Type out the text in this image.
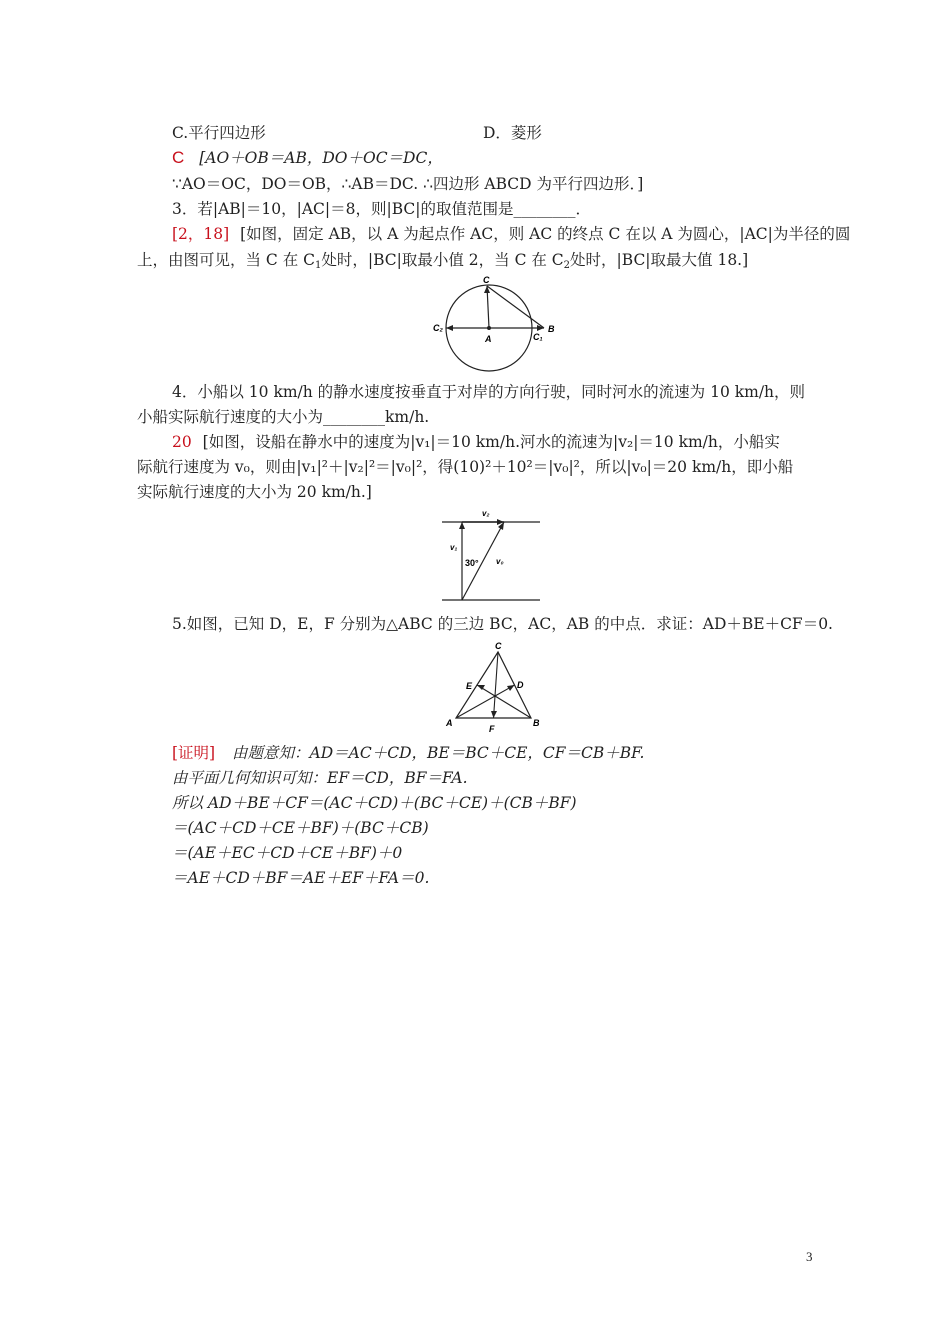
C.平行四边形	D．菱形
C [AO＋OB＝AB，DO＋OC＝DC，
∵AO＝OC，DO＝OB，∴AB＝DC. ∴四边形 ABCD 为平行四边形．]
3．若|AB|＝10，|AC|＝8，则|BC|的取值范围是________．
[2，18] [如图，固定 AB，以 A 为起点作 AC，则 AC 的终点 C 在以 A 为圆心，|AC|为半径的圆
上，由图可见，当 C 在 $C_1$处时，|BC|取最小值 2，当 C 在 $C_2$处时，|BC|取最大值 18.]
C
C₂
A	C₁
B
4．小船以 10 km/h 的静水速度按垂直于对岸的方向行驶，同时河水的流速为 10 km/h，则
小船实际航行速度的大小为________km/h.
20 [如图，设船在静水中的速度为|v₁|＝10 km/h.河水的流速为|v₂|＝10 km/h，小船实
际航行速度为 v₀，则由|v₁|²＋|v₂|²＝|v₀|²，得(10)²＋10²＝|v₀|²，所以|v₀|＝20 km/h，即小船
实际航行速度的大小为 20 km/h.]
v₂
v₁
v₀
30°
5.如图，已知 D，E，F 分别为△ABC 的三边 BC，AC，AB 的中点．求证：AD＋BE＋CF＝0.
C
E	D
A
F
B
[证明] 由题意知：AD＝AC＋CD，BE＝BC＋CE，CF＝CB＋BF.
由平面几何知识可知：EF＝CD，BF＝FA.
所以 AD＋BE＋CF＝(AC＋CD)＋(BC＋CE)＋(CB＋BF)
＝(AC＋CD＋CE＋BF)＋(BC＋CB)
＝(AE＋EC＋CD＋CE＋BF)＋0
＝AE＋CD＋BF＝AE＋EF＋FA＝0.
3
